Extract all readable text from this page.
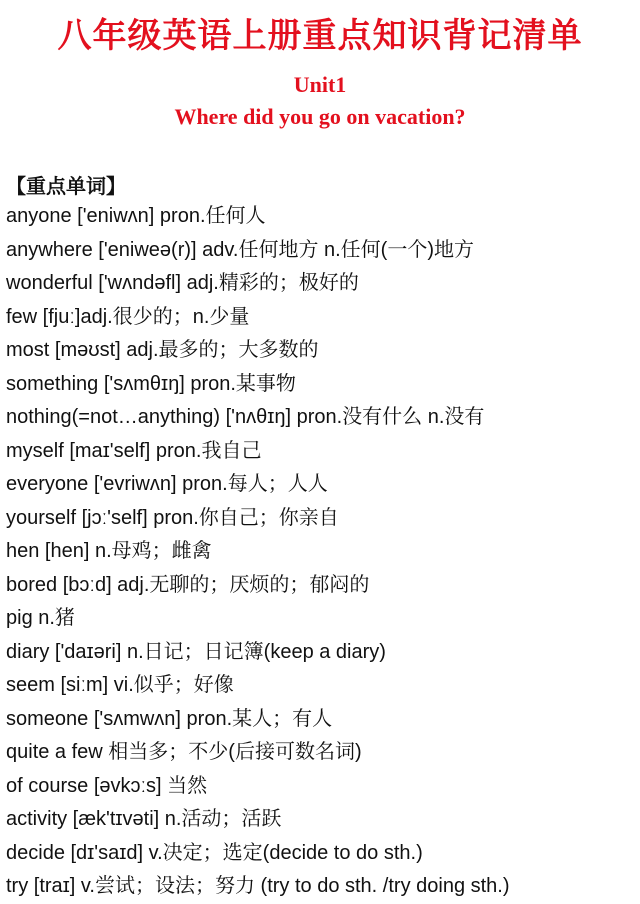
八年级英语上册重点知识背记清单
Unit1
Where did you go on vacation?
【重点单词】
anyone ['eniwʌn] pron.任何人
anywhere ['eniweə(r)] adv.任何地方 n.任何(一个)地方
wonderful ['wʌndəfl] adj.精彩的；极好的
few [fjuː]adj.很少的；n.少量
most [məʊst] adj.最多的；大多数的
something ['sʌmθɪŋ] pron.某事物
nothing(=not…anything) ['nʌθɪŋ] pron.没有什么 n.没有
myself [maɪ'self] pron.我自己
everyone ['evriwʌn] pron.每人；人人
yourself [jɔː'self] pron.你自己；你亲自
hen [hen] n.母鸡；雌禽
bored [bɔːd] adj.无聊的；厌烦的；郁闷的
pig n.猪
diary ['daɪəri] n.日记；日记簿(keep a diary)
seem [siːm] vi.似乎；好像
someone ['sʌmwʌn] pron.某人；有人
quite a few 相当多；不少(后接可数名词)
of course [əvkɔːs] 当然
activity [æk'tɪvəti] n.活动；活跃
decide [dɪ'saɪd] v.决定；选定(decide to do sth.)
try [traɪ] v.尝试；设法；努力 (try to do sth. /try doing sth.)
